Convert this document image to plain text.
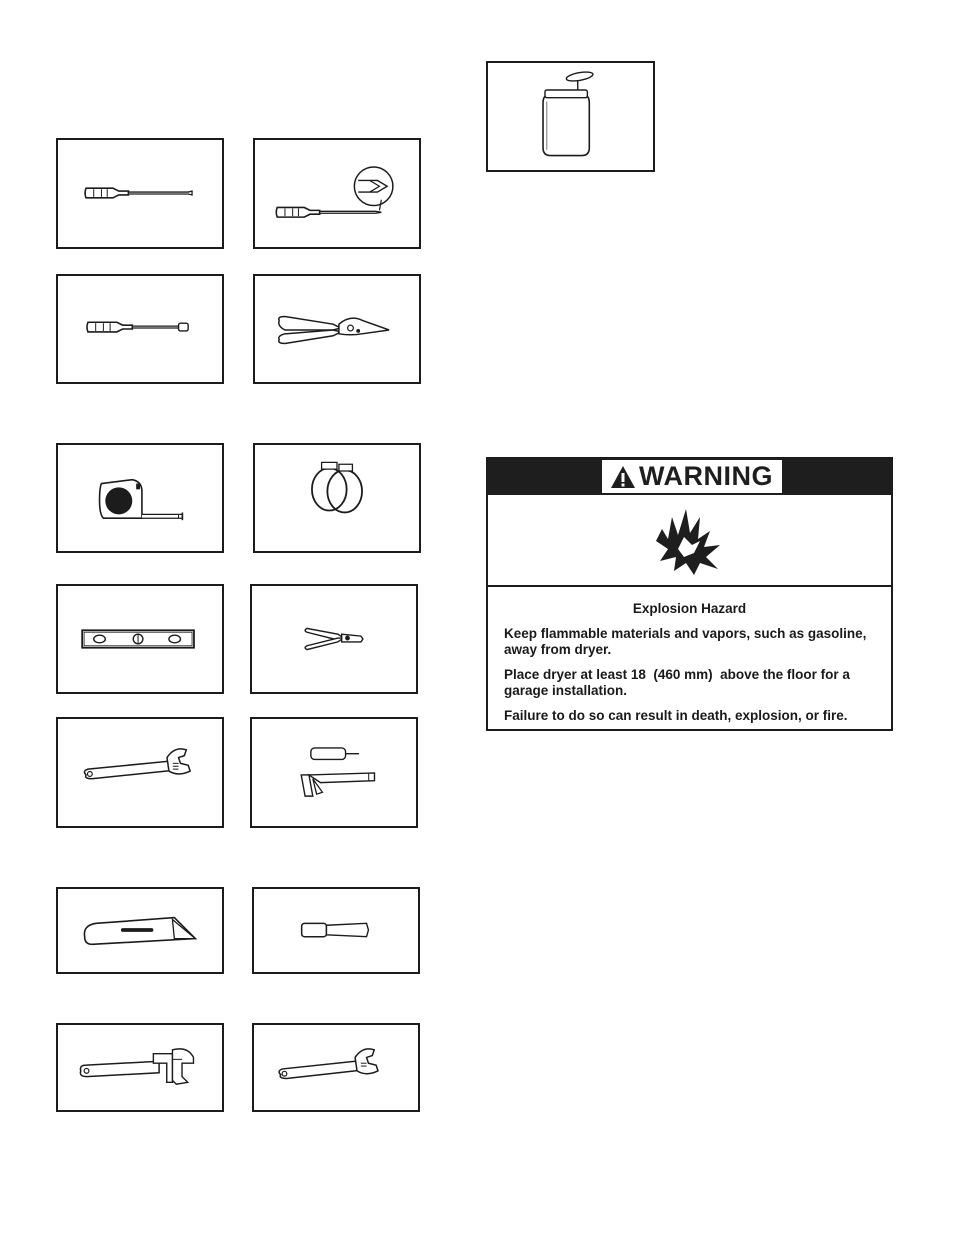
WARNING
Explosion Hazard
Keep flammable materials and vapors, such as gasoline, away from dryer.
Place dryer at least 18  (460 mm)  above the floor for a garage installation.
Failure to do so can result in death, explosion, or fire.
